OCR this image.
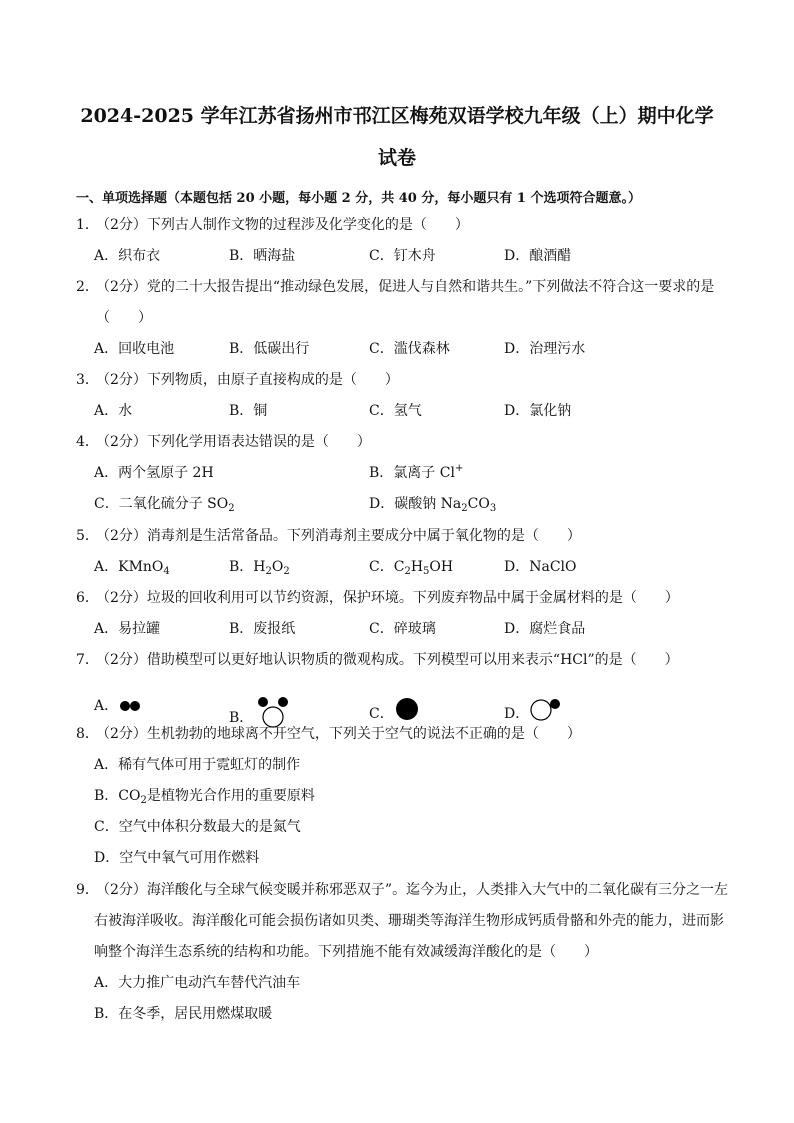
2024-2025 学年江苏省扬州市邗江区梅苑双语学校九年级（上）期中化学
试卷
一、单项选择题（本题包括 20 小题，每小题 2 分，共 40 分，每小题只有 1 个选项符合题意。）
1．（2分）下列古人制作文物的过程涉及化学变化的是（　　）
A．织布衣	B．晒海盐	C．钉木舟	D．酿酒醋
2．（2分）党的二十大报告提出“推动绿色发展，促进人与自然和谐共生。”下列做法不符合这一要求的是
（　　）
A．回收电池	B．低碳出行	C．滥伐森林	D．治理污水
3．（2分）下列物质，由原子直接构成的是（　　）
A．水	B．铜	C．氢气	D．氯化钠
4．（2分）下列化学用语表达错误的是（　　）
A．两个氢原子 2H	B．氯离子 Cl+
C．二氧化硫分子 $SO_2$	D．碳酸钠 $Na_2CO_3$
5．（2分）消毒剂是生活常备品。下列消毒剂主要成分中属于氧化物的是（　　）
A．KMnO$_4$	B．$H_2O_2$	C．$C_2H_5OH$	D．NaClO
6．（2分）垃圾的回收利用可以节约资源，保护环境。下列废弃物品中属于金属材料的是（　　）
A．易拉罐	B．废报纸	C．碎玻璃	D．腐烂食品
7．（2分）借助模型可以更好地认识物质的微观构成。下列模型可以用来表示“HCl”的是（　　）
A．
B．	C．	D．
8．（2分）生机勃勃的地球离不开空气，下列关于空气的说法不正确的是（　　）
A．稀有气体可用于霓虹灯的制作
B．$CO_2$是植物光合作用的重要原料
C．空气中体积分数最大的是氮气
D．空气中氧气可用作燃料
9．（2分）海洋酸化与全球气候变暖并称邪恶双子”。迄今为止，人类排入大气中的二氧化碳有三分之一左
右被海洋吸收。海洋酸化可能会损伤诸如贝类、珊瑚类等海洋生物形成钙质骨骼和外壳的能力，进而影
响整个海洋生态系统的结构和功能。下列措施不能有效减缓海洋酸化的是（　　）
A．大力推广电动汽车替代汽油车
B．在冬季，居民用燃煤取暖
